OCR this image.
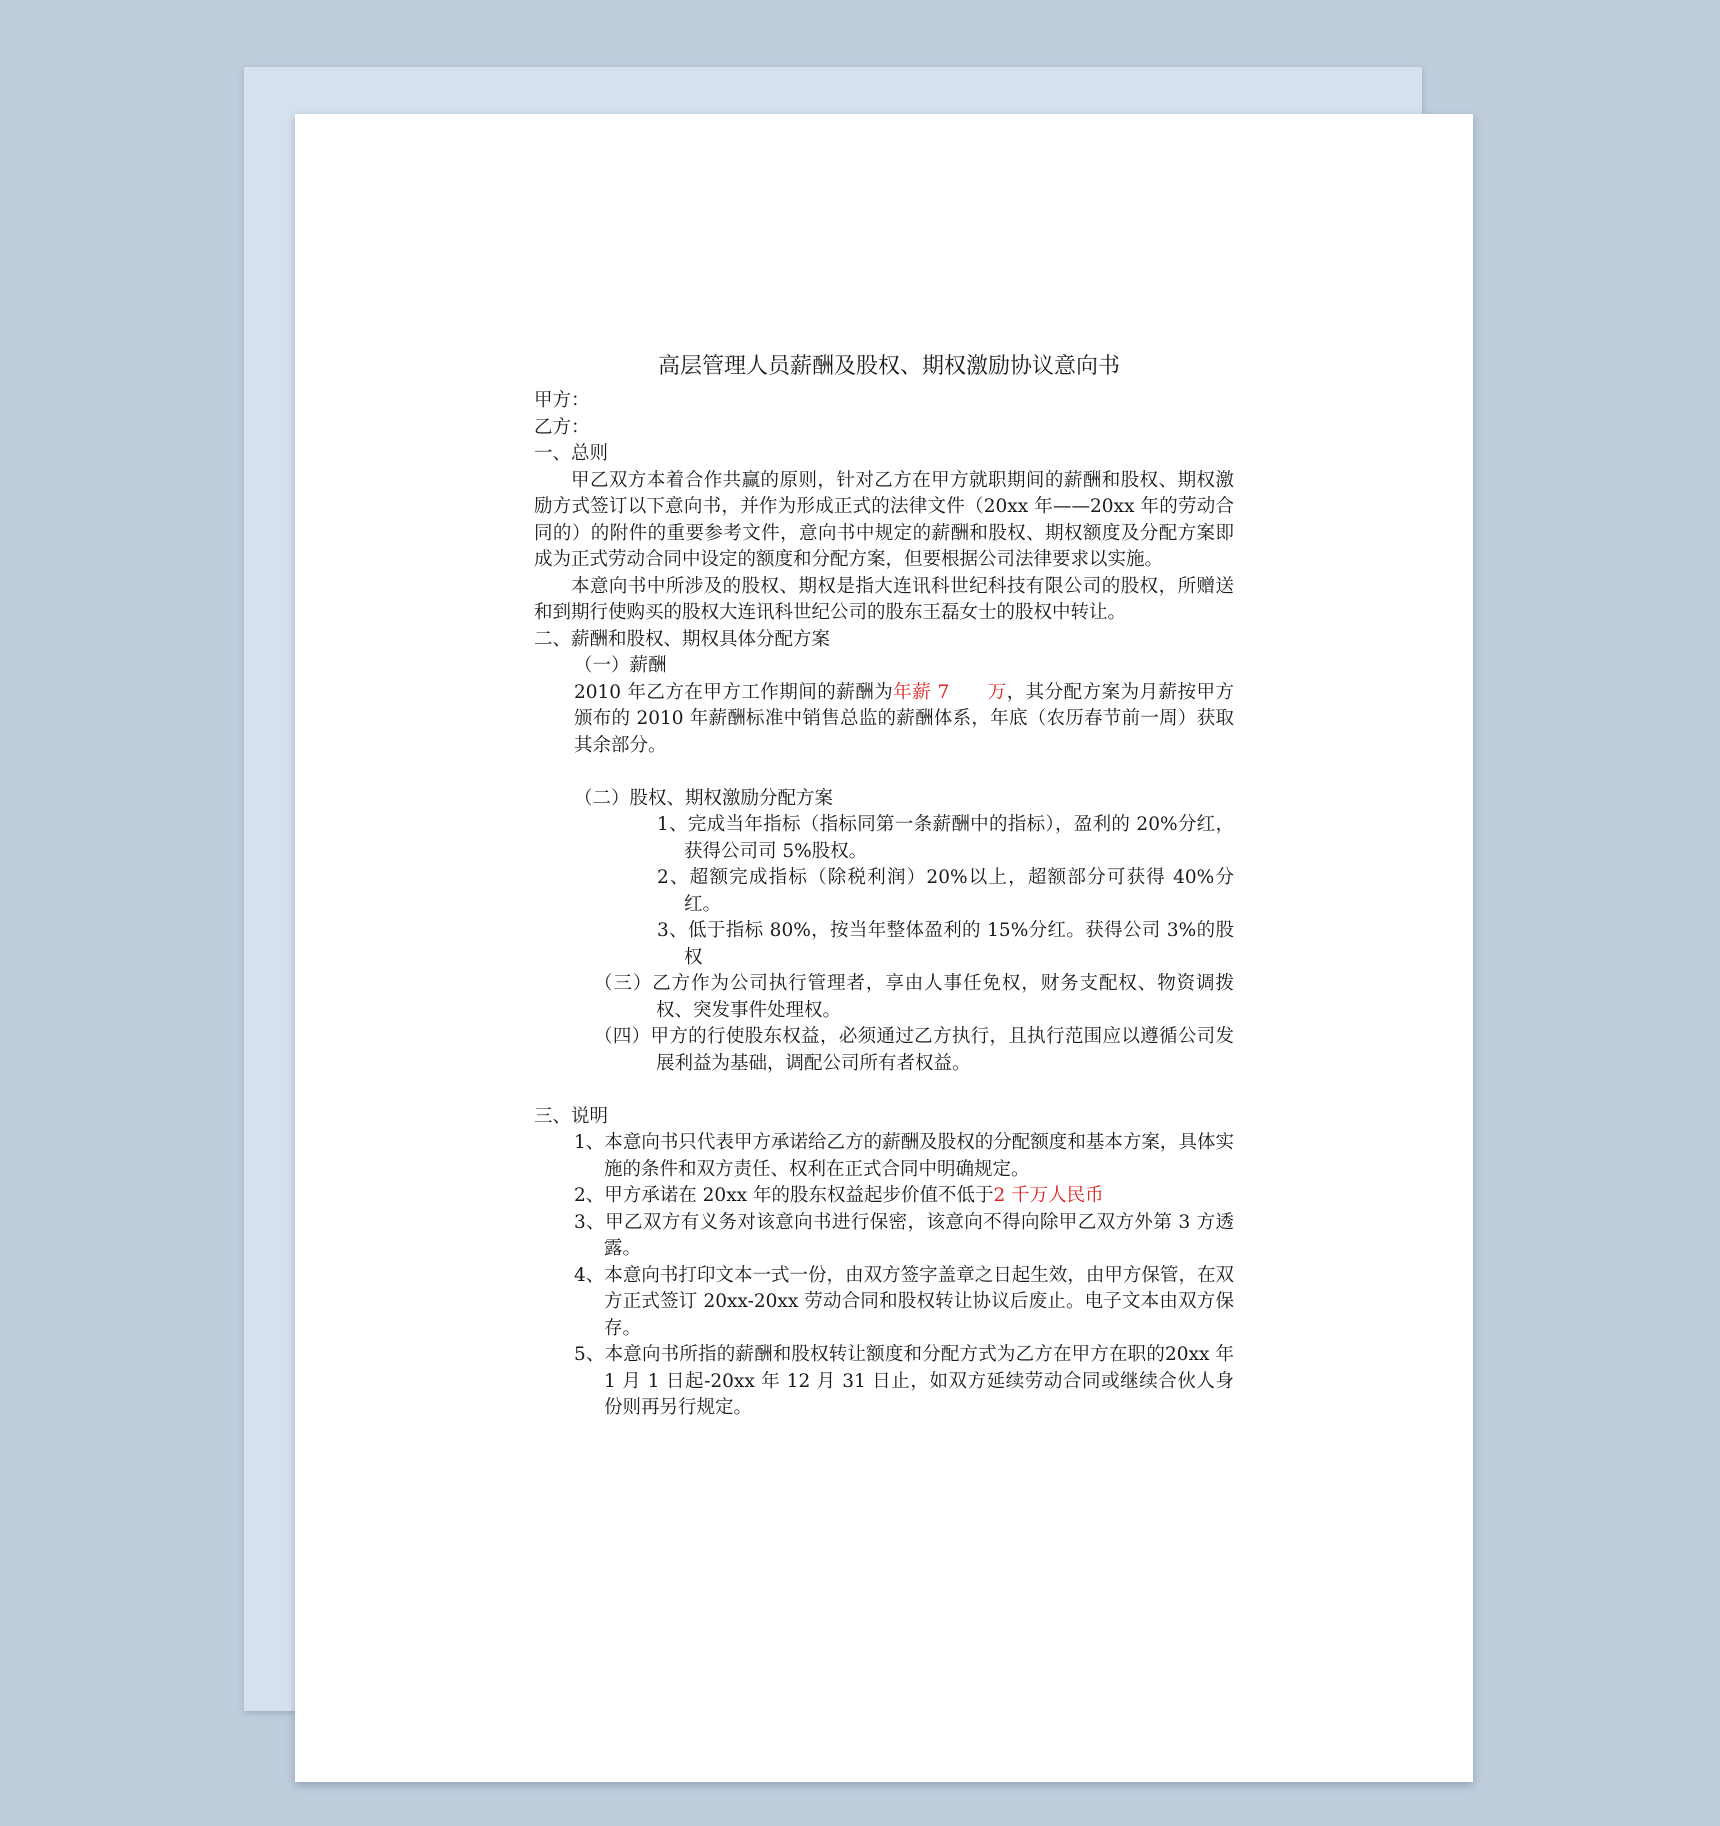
高层管理人员薪酬及股权、期权激励协议意向书
甲方：
乙方：
一、总则
甲乙双方本着合作共赢的原则，针对乙方在甲方就职期间的薪酬和股权、期权激励方式签订以下意向书，并作为形成正式的法律文件（20xx 年——20xx 年的劳动合同的）的附件的重要参考文件，意向书中规定的薪酬和股权、期权额度及分配方案即成为正式劳动合同中设定的额度和分配方案，但要根据公司法律要求以实施。
本意向书中所涉及的股权、期权是指大连讯科世纪科技有限公司的股权，所赠送和到期行使购买的股权大连讯科世纪公司的股东王磊女士的股权中转让。
二、薪酬和股权、期权具体分配方案
（一）薪酬
2010 年乙方在甲方工作期间的薪酬为年薪 7　　万，其分配方案为月薪按甲方颁布的 2010 年薪酬标准中销售总监的薪酬体系，年底（农历春节前一周）获取其余部分。
（二）股权、期权激励分配方案
1、完成当年指标（指标同第一条薪酬中的指标），盈利的 20%分红，获得公司司 5%股权。
2、超额完成指标（除税利润）20%以上，超额部分可获得 40%分红。
3、低于指标 80%，按当年整体盈利的 15%分红。获得公司 3%的股权
（三）乙方作为公司执行管理者，享由人事任免权，财务支配权、物资调拨权、突发事件处理权。
（四）甲方的行使股东权益，必须通过乙方执行，且执行范围应以遵循公司发展利益为基础，调配公司所有者权益。
三、说明
1、本意向书只代表甲方承诺给乙方的薪酬及股权的分配额度和基本方案，具体实施的条件和双方责任、权利在正式合同中明确规定。
2、甲方承诺在 20xx 年的股东权益起步价值不低于2 千万人民币
3、甲乙双方有义务对该意向书进行保密，该意向不得向除甲乙双方外第 3 方透露。
4、本意向书打印文本一式一份，由双方签字盖章之日起生效，由甲方保管，在双方正式签订 20xx-20xx 劳动合同和股权转让协议后废止。电子文本由双方保存。
5、本意向书所指的薪酬和股权转让额度和分配方式为乙方在甲方在职的20xx 年 1 月 1 日起-20xx 年 12 月 31 日止，如双方延续劳动合同或继续合伙人身份则再另行规定。
